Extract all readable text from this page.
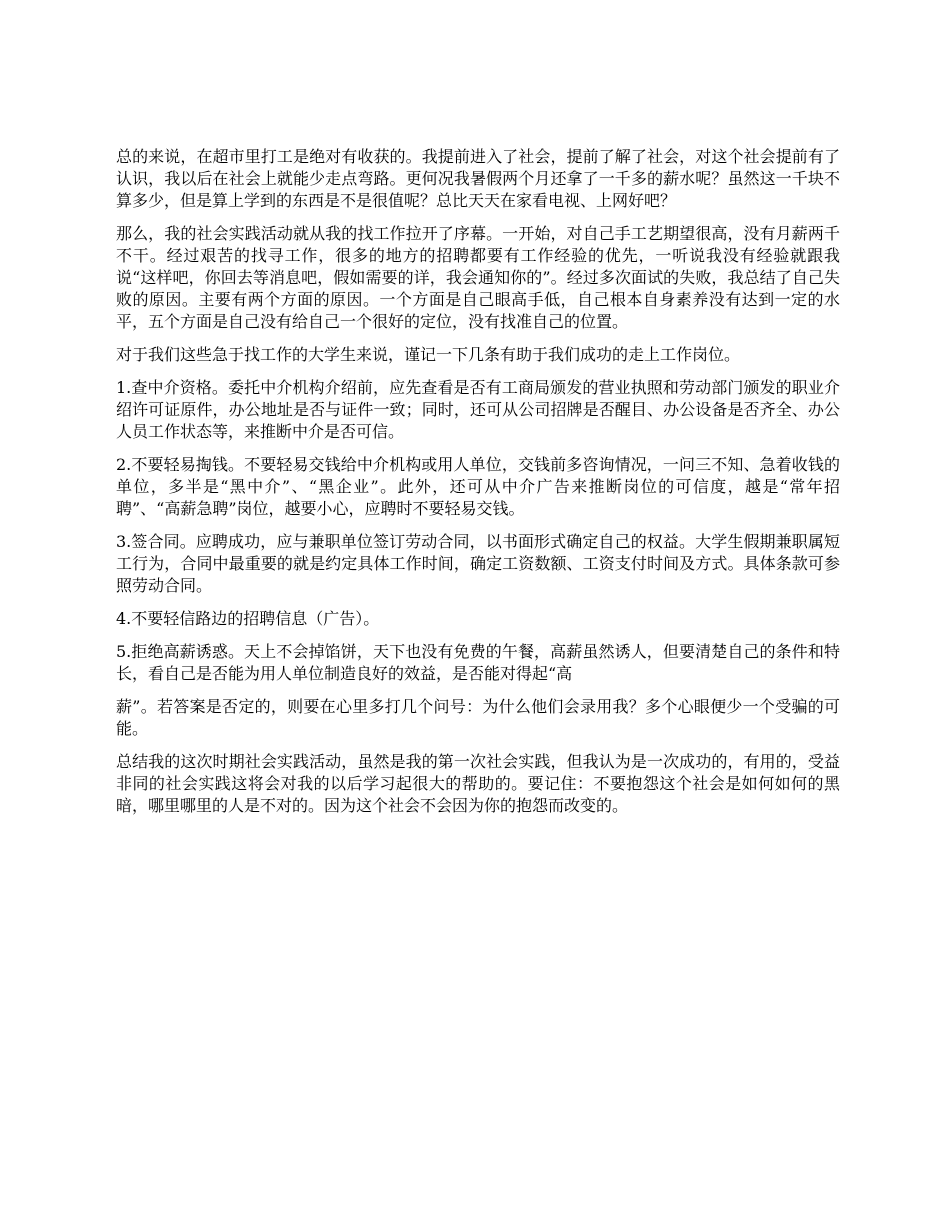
总的来说，在超市里打工是绝对有收获的。我提前进入了社会，提前了解了社会，对这个社会提前有了认识，我以后在社会上就能少走点弯路。更何况我暑假两个月还拿了一千多的薪水呢？虽然这一千块不算多少，但是算上学到的东西是不是很值呢？总比天天在家看电视、上网好吧？

那么，我的社会实践活动就从我的找工作拉开了序幕。一开始，对自己手工艺期望很高，没有月薪两千不干。经过艰苦的找寻工作，很多的地方的招聘都要有工作经验的优先，一听说我没有经验就跟我说“这样吧，你回去等消息吧，假如需要的详，我会通知你的”。经过多次面试的失败，我总结了自己失败的原因。主要有两个方面的原因。一个方面是自己眼高手低，自己根本自身素养没有达到一定的水平，五个方面是自己没有给自己一个很好的定位，没有找准自己的位置。

对于我们这些急于找工作的大学生来说，谨记一下几条有助于我们成功的走上工作岗位。

1.查中介资格。委托中介机构介绍前，应先查看是否有工商局颁发的营业执照和劳动部门颁发的职业介绍许可证原件，办公地址是否与证件一致；同时，还可从公司招牌是否醒目、办公设备是否齐全、办公人员工作状态等，来推断中介是否可信。

2.不要轻易掏钱。不要轻易交钱给中介机构或用人单位，交钱前多咨询情况，一问三不知、急着收钱的单位，多半是“黑中介”、“黑企业”。此外，还可从中介广告来推断岗位的可信度，越是“常年招聘”、“高薪急聘”岗位，越要小心，应聘时不要轻易交钱。

3.签合同。应聘成功，应与兼职单位签订劳动合同，以书面形式确定自己的权益。大学生假期兼职属短工行为，合同中最重要的就是约定具体工作时间，确定工资数额、工资支付时间及方式。具体条款可参照劳动合同。

4.不要轻信路边的招聘信息（广告）。

5.拒绝高薪诱惑。天上不会掉馅饼，天下也没有免费的午餐，高薪虽然诱人，但要清楚自己的条件和特长，看自己是否能为用人单位制造良好的效益，是否能对得起“高

薪”。若答案是否定的，则要在心里多打几个问号：为什么他们会录用我？多个心眼便少一个受骗的可能。

总结我的这次时期社会实践活动，虽然是我的第一次社会实践，但我认为是一次成功的，有用的，受益非同的社会实践这将会对我的以后学习起很大的帮助的。要记住：不要抱怨这个社会是如何如何的黑暗，哪里哪里的人是不对的。因为这个社会不会因为你的抱怨而改变的。
